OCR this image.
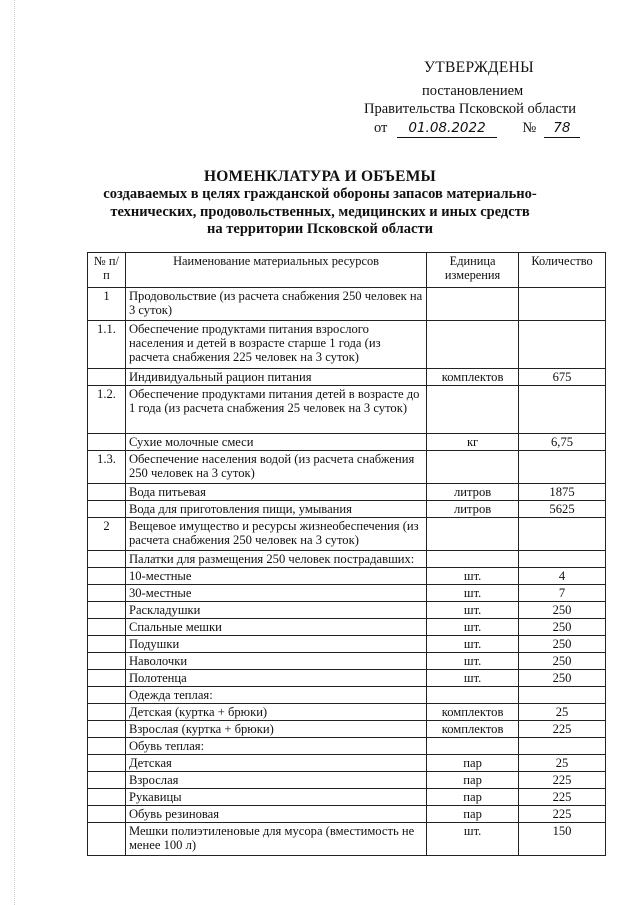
УТВЕРЖДЕНЫ
постановлением
Правительства Псковской области
от 01.08.2022	№ 78
НОМЕНКЛАТУРА И ОБЪЕМЫ
создаваемых в целях гражданской обороны запасов материально-
технических, продовольственных, медицинских и иных средств
на территории Псковской области
№ п/п	Наименование материальных ресурсов	Единица измерения	Количество
1	Продовольствие (из расчета снабжения 250 человек на 3 суток)		
1.1.	Обеспечение продуктами питания взрослого населения и детей в возрасте старше 1 года (из расчета снабжения 225 человек на 3 суток)		
	Индивидуальный рацион питания	комплектов	675
1.2.	Обеспечение продуктами питания детей в возрасте до 1 года (из расчета снабжения 25 человек на 3 суток)		
	Сухие молочные смеси	кг	6,75
1.3.	Обеспечение населения водой (из расчета снабжения 250 человек на 3 суток)		
	Вода питьевая	литров	1875
	Вода для приготовления пищи, умывания	литров	5625
2	Вещевое имущество и ресурсы жизнеобеспечения (из расчета снабжения 250 человек на 3 суток)		
	Палатки для размещения 250 человек пострадавших:		
	10-местные	шт.	4
	30-местные	шт.	7
	Раскладушки	шт.	250
	Спальные мешки	шт.	250
	Подушки	шт.	250
	Наволочки	шт.	250
	Полотенца	шт.	250
	Одежда теплая:		
	Детская (куртка + брюки)	комплектов	25
	Взрослая (куртка + брюки)	комплектов	225
	Обувь теплая:		
	Детская	пар	25
	Взрослая	пар	225
	Рукавицы	пар	225
	Обувь резиновая	пар	225
	Мешки полиэтиленовые для мусора (вместимость не менее 100 л)	шт.	150
